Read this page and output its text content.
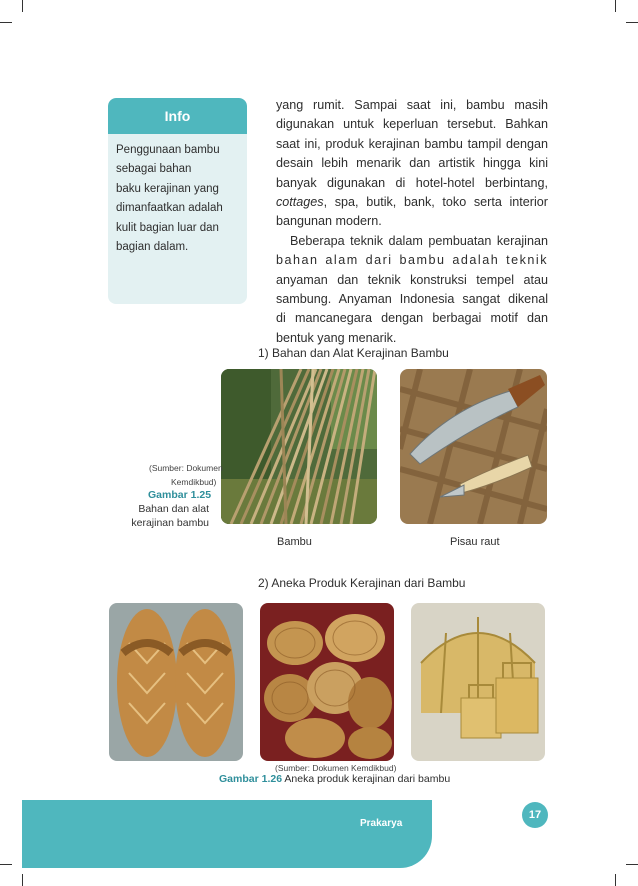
Info
Penggunaan bambu
sebagai bahan
baku kerajinan yang
dimanfaatkan adalah
kulit bagian luar dan
bagian dalam.
yang rumit. Sampai saat ini, bambu masih
digunakan untuk keperluan tersebut. Bahkan
saat ini, produk kerajinan bambu tampil dengan
desain lebih menarik dan artistik hingga kini
banyak digunakan di hotel-hotel berbintang,
cottages, spa, butik, bank, toko serta interior
bangunan modern.
Beberapa teknik dalam pembuatan kerajinan
bahan alam dari bambu adalah teknik
anyaman dan teknik konstruksi tempel atau
sambung. Anyaman Indonesia sangat dikenal
di mancanegara dengan berbagai motif dan
bentuk yang menarik.
1) Bahan dan Alat Kerajinan Bambu
(Sumber: Dokumen
Kemdikbud)
Gambar 1.25
Bahan dan alat
kerajinan bambu
Bambu	Pisau raut
2) Aneka Produk Kerajinan dari Bambu
(Sumber: Dokumen Kemdikbud)
Gambar 1.26 Aneka produk kerajinan dari bambu
Prakarya
17
